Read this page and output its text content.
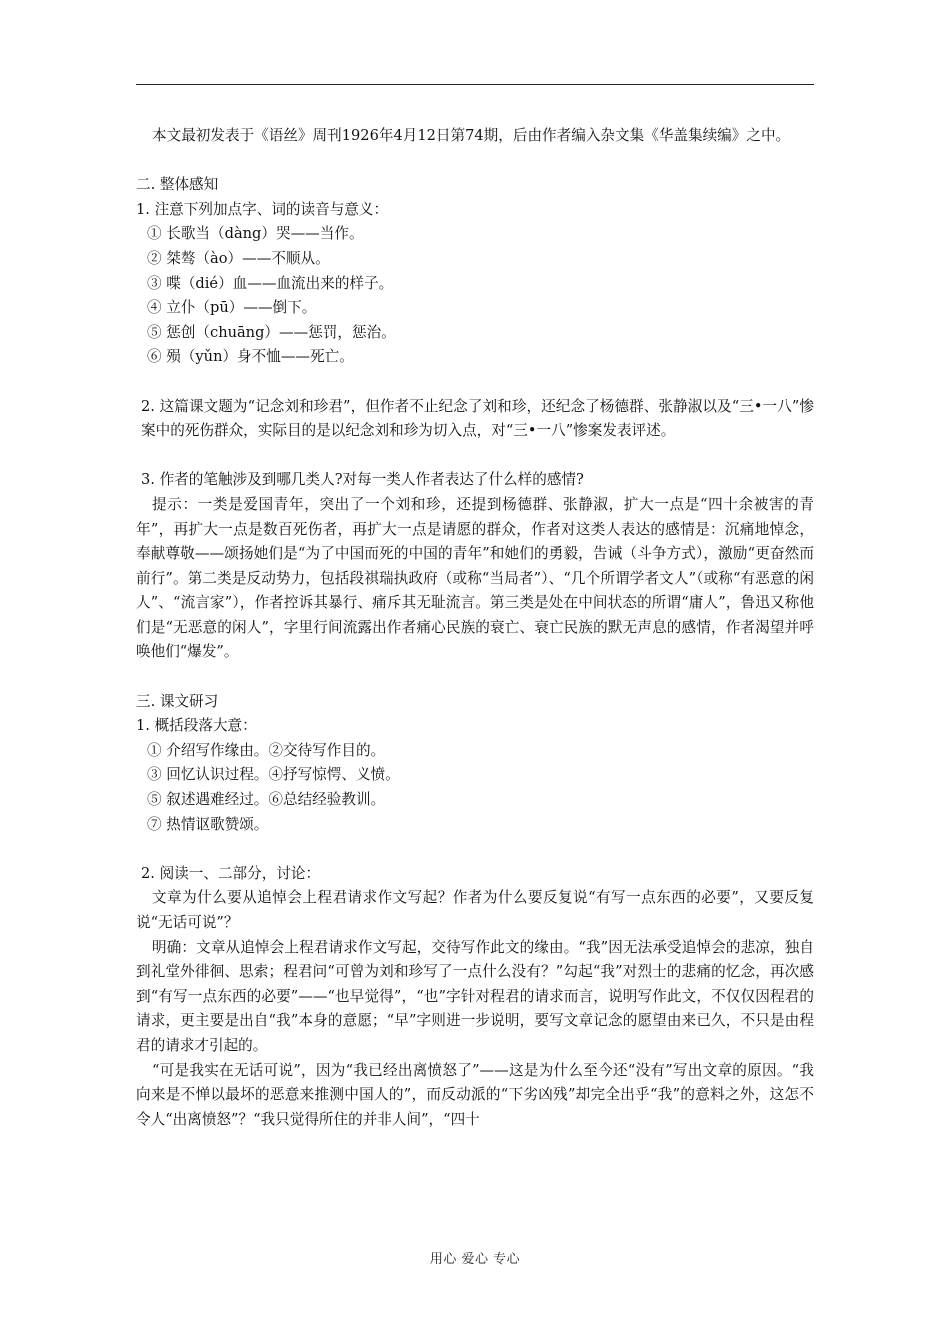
本文最初发表于《语丝》周刊1926年4月12日第74期，后由作者编入杂文集《华盖集续编》之中。

二. 整体感知

1. 注意下列加点字、词的读音与意义：

① 长歌当（dàng）哭——当作。

② 桀骜（ào）——不顺从。

③ 喋（dié）血——血流出来的样子。

④ 立仆（pū）——倒下。

⑤ 惩创（chuāng）——惩罚，惩治。

⑥ 殒（yǔn）身不恤——死亡。

2. 这篇课文题为“记念刘和珍君”，但作者不止纪念了刘和珍，还纪念了杨德群、张静淑以及“三•一八”惨案中的死伤群众，实际目的是以纪念刘和珍为切入点，对“三•一八”惨案发表评述。

3. 作者的笔触涉及到哪几类人?对每一类人作者表达了什么样的感情?

提示：一类是爱国青年，突出了一个刘和珍，还提到杨德群、张静淑，扩大一点是“四十余被害的青年”，再扩大一点是数百死伤者，再扩大一点是请愿的群众，作者对这类人表达的感情是：沉痛地悼念，奉献尊敬——颂扬她们是“为了中国而死的中国的青年”和她们的勇毅，告诫（斗争方式），激励“更奋然而前行”。第二类是反动势力，包括段祺瑞执政府（或称“当局者”）、“几个所谓学者文人”（或称“有恶意的闲人”、“流言家”），作者控诉其暴行、痛斥其无耻流言。第三类是处在中间状态的所谓“庸人”，鲁迅又称他们是“无恶意的闲人”，字里行间流露出作者痛心民族的衰亡、衰亡民族的默无声息的感情，作者渴望并呼唤他们“爆发”。

三. 课文研习

1. 概括段落大意：

① 介绍写作缘由。②交待写作目的。

③ 回忆认识过程。④抒写惊愕、义愤。

⑤ 叙述遇难经过。⑥总结经验教训。

⑦ 热情讴歌赞颂。

2. 阅读一、二部分，讨论：

文章为什么要从追悼会上程君请求作文写起？作者为什么要反复说“有写一点东西的必要”，又要反复说“无话可说”？

明确：文章从追悼会上程君请求作文写起，交待写作此文的缘由。“我”因无法承受追悼会的悲凉，独自到礼堂外徘徊、思索；程君问“可曾为刘和珍写了一点什么没有？”勾起“我”对烈士的悲痛的忆念，再次感到“有写一点东西的必要”——“也早觉得”，“也”字针对程君的请求而言，说明写作此文，不仅仅因程君的请求，更主要是出自“我”本身的意愿；“早”字则进一步说明，要写文章记念的愿望由来已久，不只是由程君的请求才引起的。

“可是我实在无话可说”，因为“我已经出离愤怒了”——这是为什么至今还“没有”写出文章的原因。“我向来是不惮以最坏的恶意来推测中国人的”，而反动派的“下劣凶残”却完全出乎“我”的意料之外，这怎不令人“出离愤怒”？“我只觉得所住的并非人间”，“四十

用心 爱心 专心
